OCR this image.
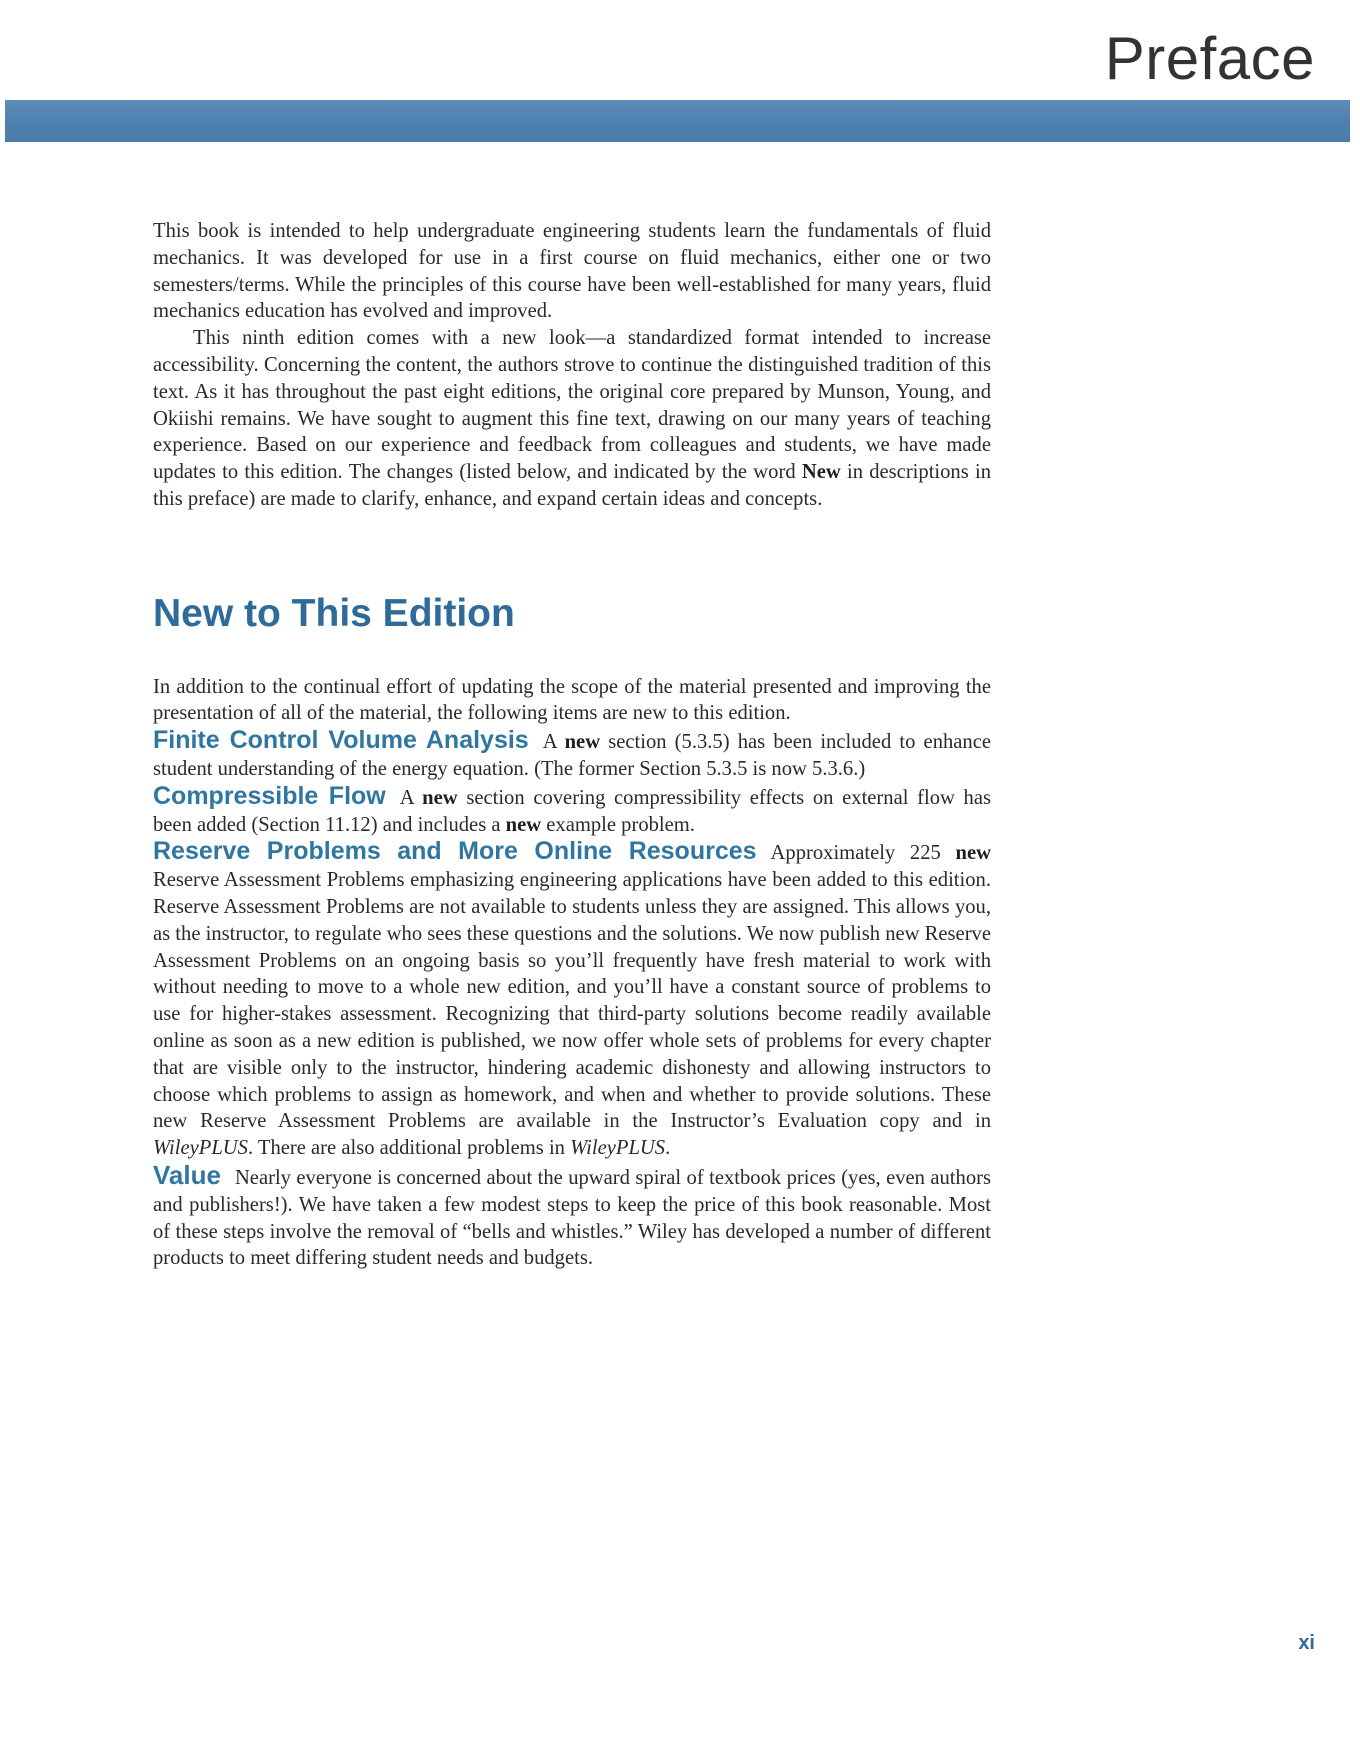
Preface

This book is intended to help undergraduate engineering students learn the fundamentals of fluid mechanics. It was developed for use in a first course on fluid mechanics, either one or two semesters/terms. While the principles of this course have been well-established for many years, fluid mechanics education has evolved and improved.

This ninth edition comes with a new look—a standardized format intended to increase accessibility. Concerning the content, the authors strove to continue the distinguished tradition of this text. As it has throughout the past eight editions, the original core prepared by Munson, Young, and Okiishi remains. We have sought to augment this fine text, drawing on our many years of teaching experience. Based on our experience and feedback from colleagues and students, we have made updates to this edition. The changes (listed below, and indicated by the word New in descriptions in this preface) are made to clarify, enhance, and expand certain ideas and concepts.

New to This Edition

In addition to the continual effort of updating the scope of the material presented and improving the presentation of all of the material, the following items are new to this edition.

Finite Control Volume Analysis A new section (5.3.5) has been included to enhance student understanding of the energy equation. (The former Section 5.3.5 is now 5.3.6.)

Compressible Flow A new section covering compressibility effects on external flow has been added (Section 11.12) and includes a new example problem.

Reserve Problems and More Online Resources Approximately 225 new Reserve Assessment Problems emphasizing engineering applications have been added to this edition. Reserve Assessment Problems are not available to students unless they are assigned. This allows you, as the instructor, to regulate who sees these questions and the solutions. We now publish new Reserve Assessment Problems on an ongoing basis so you’ll frequently have fresh material to work with without needing to move to a whole new edition, and you’ll have a constant source of problems to use for higher-stakes assessment. Recognizing that third-party solutions become readily available online as soon as a new edition is published, we now offer whole sets of problems for every chapter that are visible only to the instructor, hindering academic dishonesty and allowing instructors to choose which problems to assign as homework, and when and whether to provide solutions. These new Reserve Assessment Problems are available in the Instructor’s Evaluation copy and in WileyPLUS. There are also additional problems in WileyPLUS.

Value Nearly everyone is concerned about the upward spiral of textbook prices (yes, even authors and publishers!). We have taken a few modest steps to keep the price of this book reasonable. Most of these steps involve the removal of “bells and whistles.” Wiley has developed a number of different products to meet differing student needs and budgets.

xi
